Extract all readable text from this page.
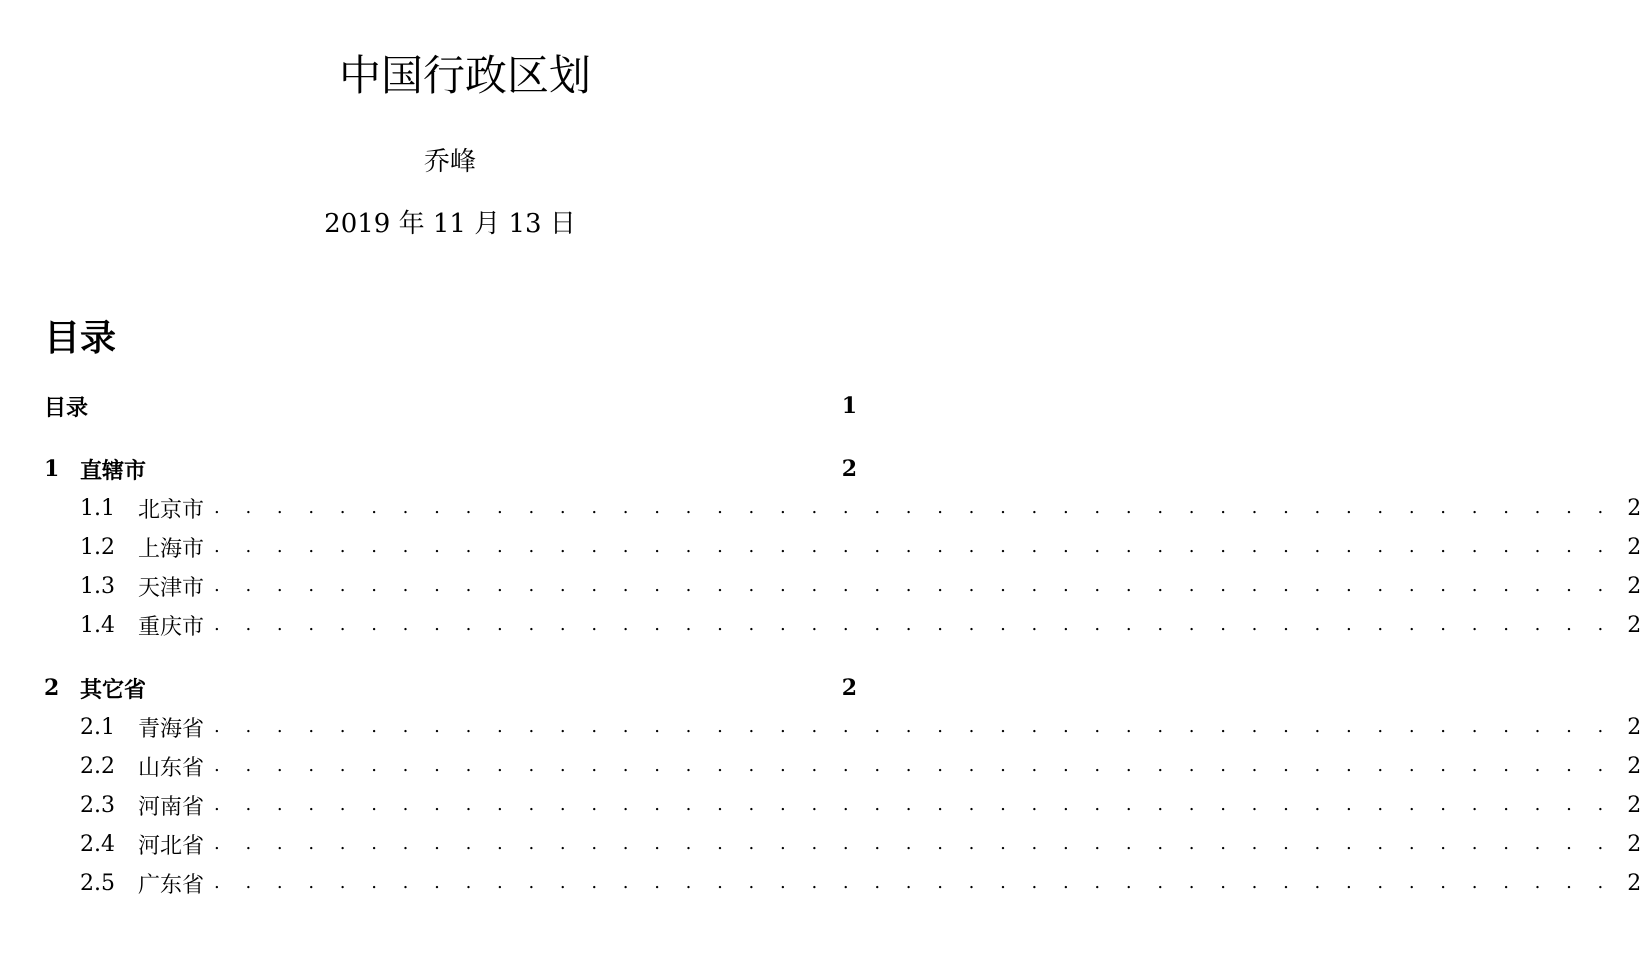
中国行政区划
乔峰
2019 年 11 月 13 日
目录
目录	1
1 直辖市	2
1.1	北京市 . . . . . . . . . . . . . . . . . . . . . . . . . . . . . . . . . . . . . . . . . . . . . 2
1.2	上海市 . . . . . . . . . . . . . . . . . . . . . . . . . . . . . . . . . . . . . . . . . . . . . 2
1.3	天津市 . . . . . . . . . . . . . . . . . . . . . . . . . . . . . . . . . . . . . . . . . . . . . 2
1.4	重庆市 . . . . . . . . . . . . . . . . . . . . . . . . . . . . . . . . . . . . . . . . . . . . . 2
2 其它省	2
2.1	青海省 . . . . . . . . . . . . . . . . . . . . . . . . . . . . . . . . . . . . . . . . . . . . . 2
2.2	山东省 . . . . . . . . . . . . . . . . . . . . . . . . . . . . . . . . . . . . . . . . . . . . . 2
2.3	河南省 . . . . . . . . . . . . . . . . . . . . . . . . . . . . . . . . . . . . . . . . . . . . . 2
2.4	河北省 . . . . . . . . . . . . . . . . . . . . . . . . . . . . . . . . . . . . . . . . . . . . . 2
2.5	广东省 . . . . . . . . . . . . . . . . . . . . . . . . . . . . . . . . . . . . . . . . . . . . . 2
